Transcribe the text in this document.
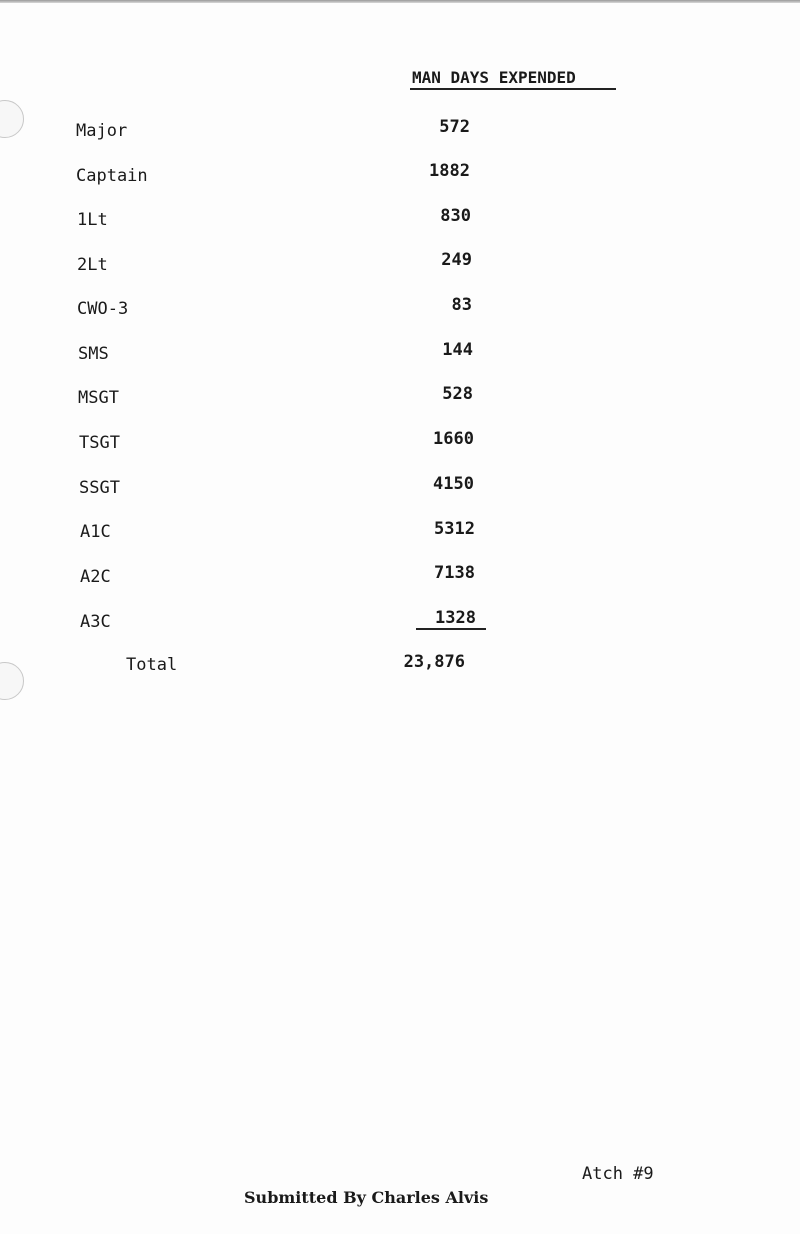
MAN DAYS EXPENDED
Major	572
Captain	1882
1Lt	830
2Lt	249
CWO-3	83
SMS	144
MSGT	528
TSGT	1660
SSGT	4150
A1C	5312
A2C	7138
A3C	1328
Total	23,876
Atch #9
Submitted By Charles Alvis
